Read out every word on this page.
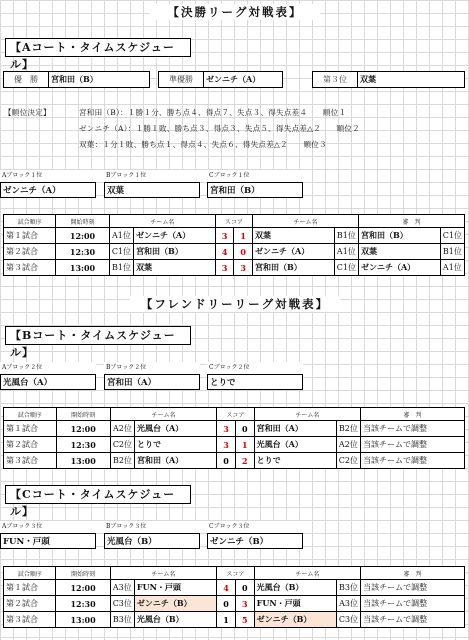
【決勝リーグ対戦表】
【Aコート・タイムスケジュール】
優　勝	宮和田（B）	準優勝	ゼンニチ（A）	第３位	双葉
【順位決定】	宮和田（B）：１勝１分、勝ち点４、得点７、失点３、得失点差４　　順位１
ゼンニチ（A）：１勝１敗、勝ち点３、得点３、失点５、得失点差△２　　順位２
双葉：１分１敗、勝ち点１、得点４、失点６、得失点差△２　　順位３
Aブロック１位
ゼンニチ（A）
Bブロック１位
双葉
Cブロック１位
宮和田（B）
試合順序	開始時刻	チーム名		スコア		チーム名		審　判	
第１試合	12:00	A1位	ゼンニチ（A）	3	1	双葉	B1位	宮和田（B）	C1位
第２試合	12:30	C1位	宮和田（B）	4	0	ゼンニチ（A）	A1位	双葉	B1位
第３試合	13:00	B1位	双葉	3	3	宮和田（B）	C1位	ゼンニチ（A）	A1位
【フレンドリーリーグ対戦表】
【Bコート・タイムスケジュール】
Aブロック２位
光風台（A）
Bブロック２位
宮和田（A）
Cブロック２位
とりで
試合順序	開始時刻	チーム名		スコア		チーム名		審　判
第１試合	12:00	A2位	光風台（A）	3	0	宮和田（A）	B2位	当該チームで調整
第２試合	12:30	C2位	とりで	3	1	光風台（A）	A2位	当該チームで調整
第３試合	13:00	B2位	宮和田（A）	0	2	とりで	C2位	当該チームで調整
【Cコート・タイムスケジュール】
Aブロック３位
FUN・戸頭
Bブロック３位
光風台（B）
Cブロック３位
ゼンニチ（B）
試合順序	開始時刻	チーム名		スコア		チーム名		審　判
第１試合	12:00	A3位	FUN・戸頭	4	0	光風台（B）	B3位	当該チームで調整
第２試合	12:30	C3位	ゼンニチ（B）	0	3	FUN・戸頭	A3位	当該チームで調整
第３試合	13:00	B3位	光風台（B）	1	5	ゼンニチ（B）	C3位	当該チームで調整
